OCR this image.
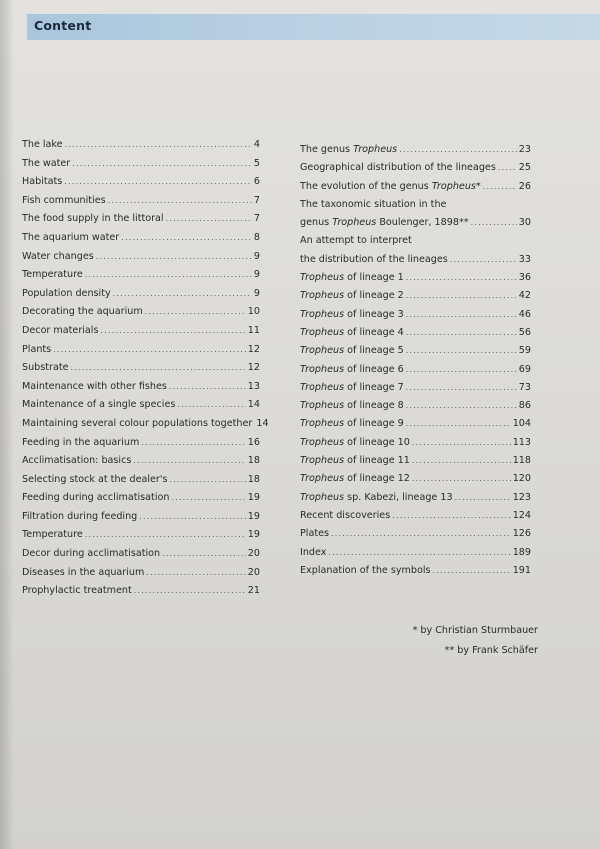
Content
The lake .....	4
The water .....	5
Habitats .....	6
Fish communities .....	7
The food supply in the littoral .....	7
The aquarium water .....	8
Water changes .....	9
Temperature .....	9
Population density .....	9
Decorating the aquarium .....	10
Decor materials .....	11
Plants .....	12
Substrate .....	12
Maintenance with other fishes .....	13
Maintenance of a single species .....	14
Maintaining several colour populations together 14
Feeding in the aquarium .....	16
Acclimatisation: basics .....	18
Selecting stock at the dealer's .....	18
Feeding during acclimatisation .....	19
Filtration during feeding .....	19
Temperature .....	19
Decor during acclimatisation .....	20
Diseases in the aquarium .....	20
Prophylactic treatment .....	21
The genus Tropheus .....	23
Geographical distribution of the lineages ..... 25
The evolution of the genus Tropheus* .....	26
The taxonomic situation in the
genus Tropheus Boulenger, 1898** .....	30
An attempt to interpret
the distribution of the lineages .....	33
Tropheus of lineage 1 .....	36
Tropheus of lineage 2 .....	42
Tropheus of lineage 3 .....	46
Tropheus of lineage 4 .....	56
Tropheus of lineage 5 .....	59
Tropheus of lineage 6 .....	69
Tropheus of lineage 7 .....	73
Tropheus of lineage 8 .....	86
Tropheus of lineage 9 .....	104
Tropheus of lineage 10 .....	113
Tropheus of lineage 11 .....	118
Tropheus of lineage 12 .....	120
Tropheus sp. Kabezi, lineage 13 .....	123
Recent discoveries .....	124
Plates .....	126
Index .....	189
Explanation of the symbols .....	191
* by Christian Sturmbauer
** by Frank Schäfer
